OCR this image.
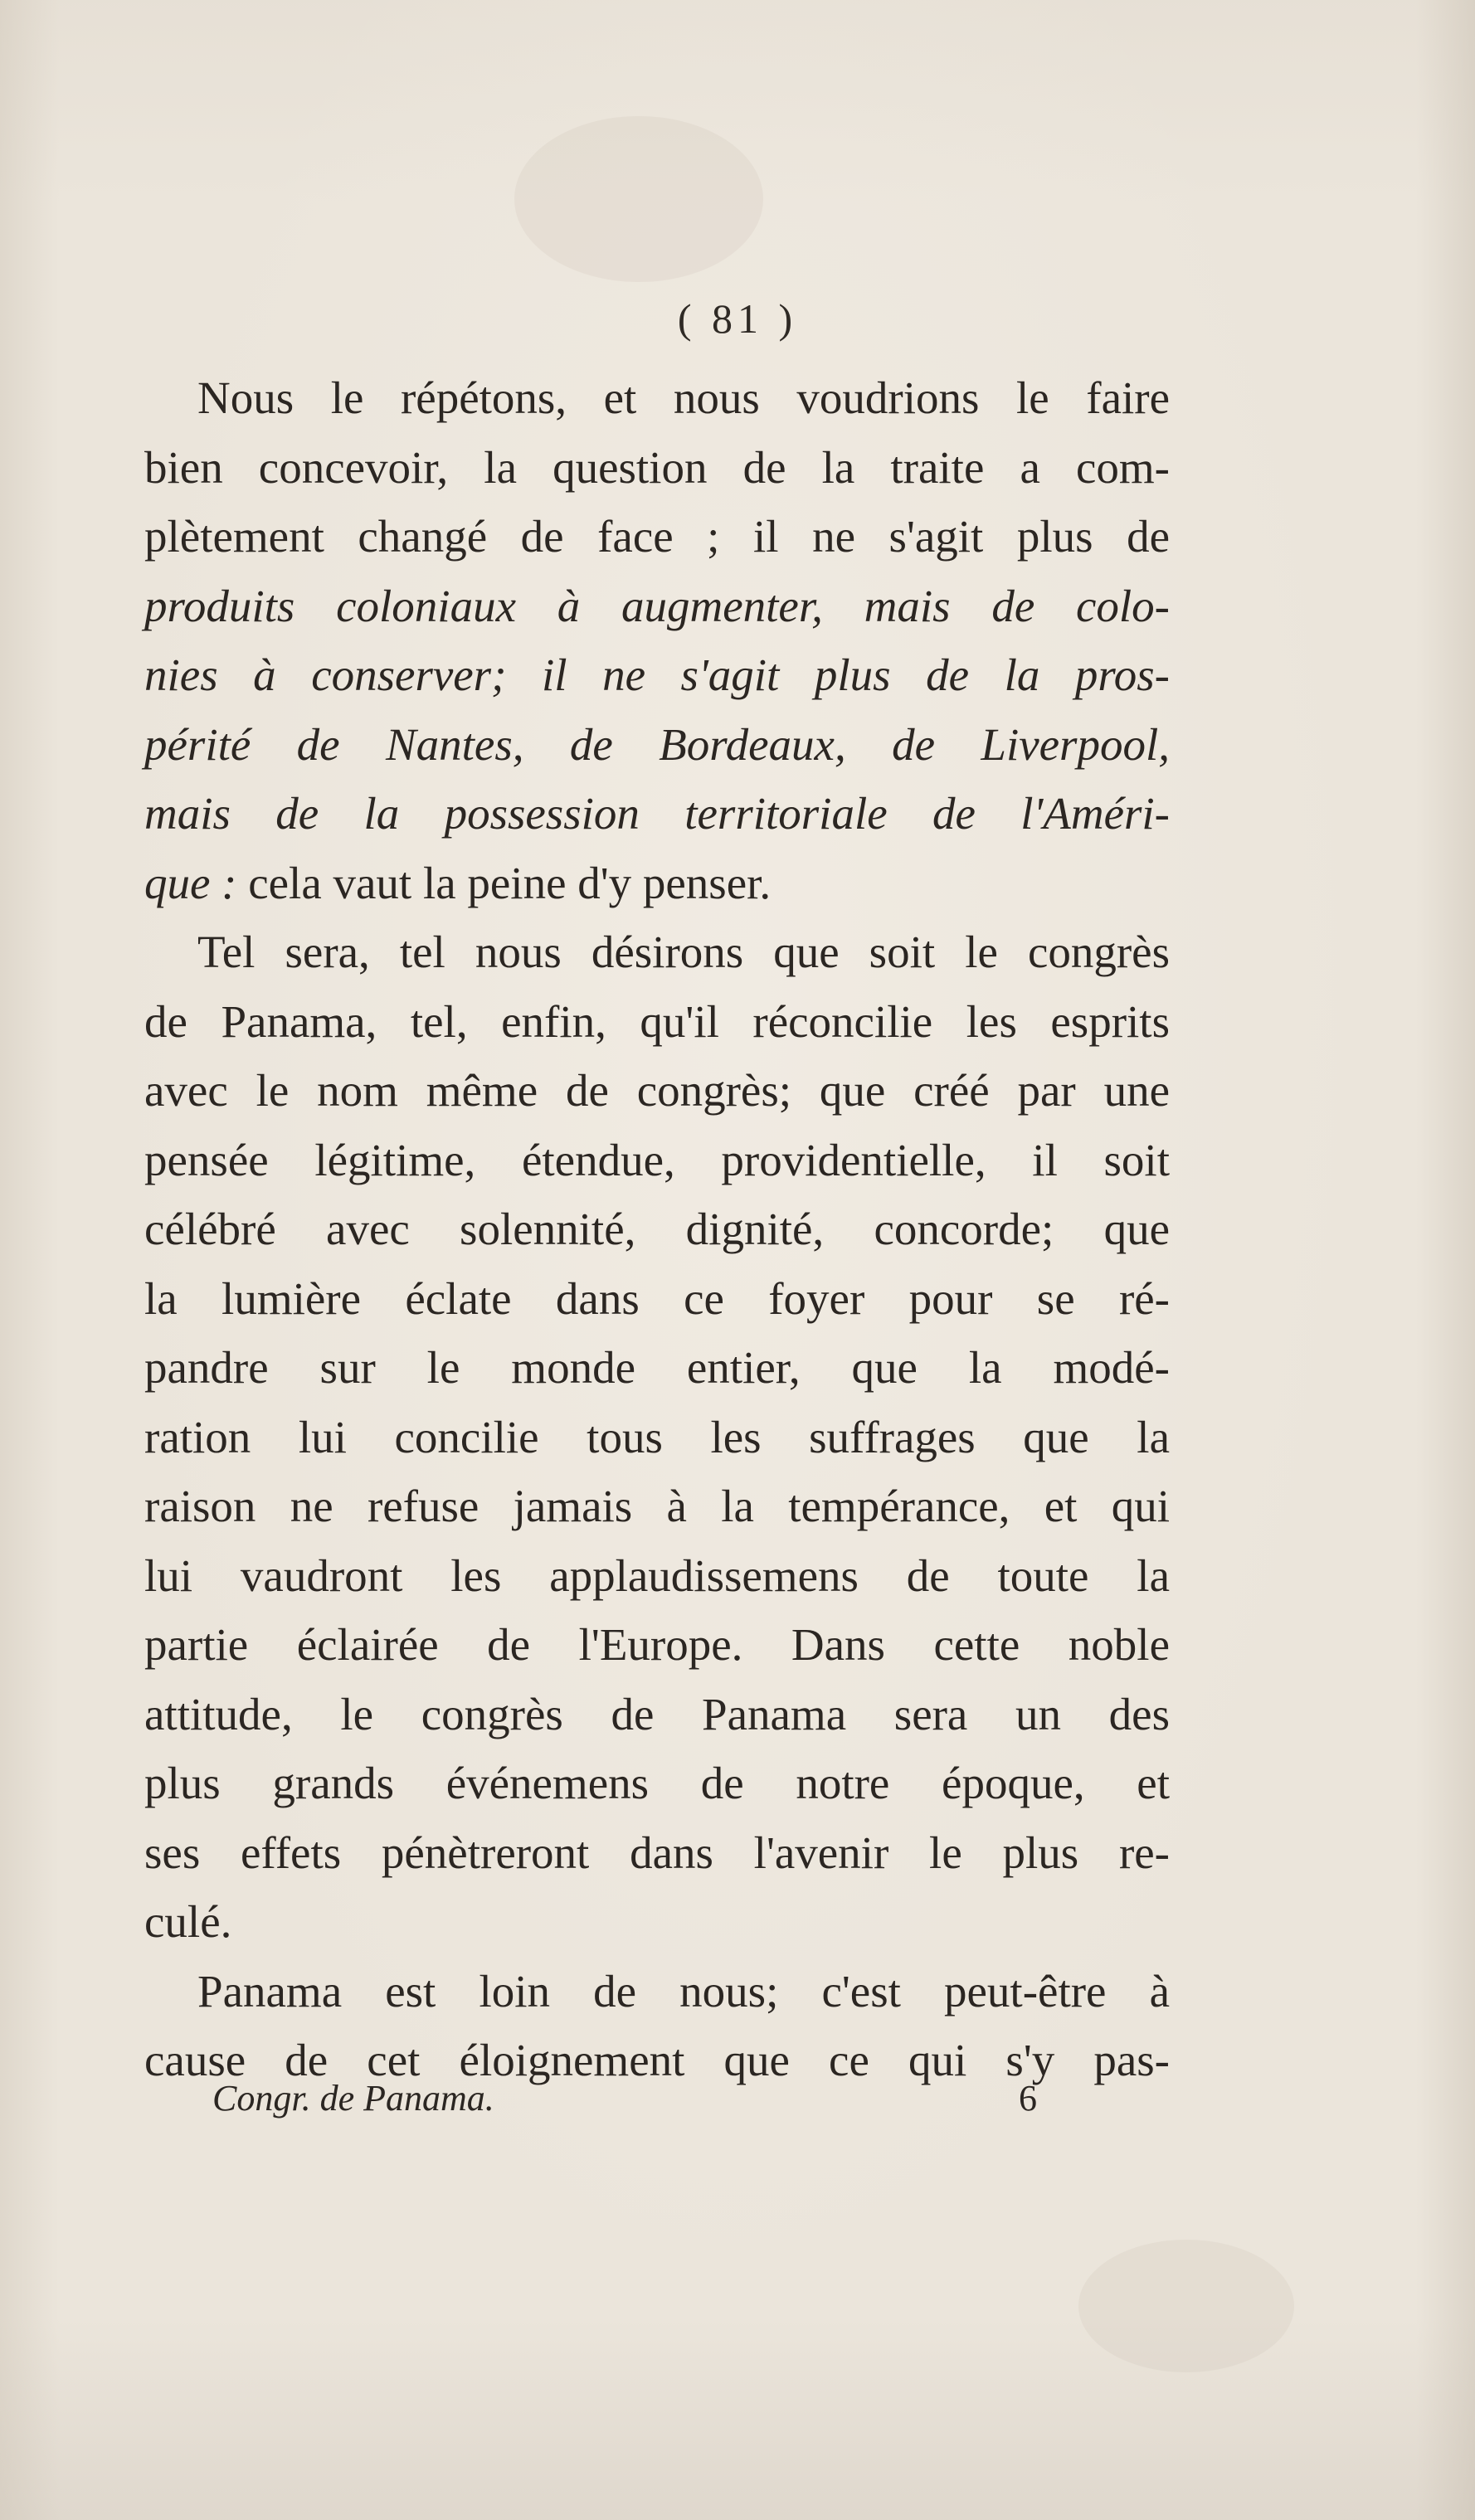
( 81 )
Nous le répétons, et nous voudrions le faire
bien concevoir, la question de la traite a com-
plètement changé de face ; il ne s'agit plus de
produits coloniaux à augmenter, mais de colo-
nies à conserver; il ne s'agit plus de la pros-
périté de Nantes, de Bordeaux, de Liverpool,
mais de la possession territoriale de l'Améri-
que : cela vaut la peine d'y penser.
Tel sera, tel nous désirons que soit le congrès
de Panama, tel, enfin, qu'il réconcilie les esprits
avec le nom même de congrès; que créé par une
pensée légitime, étendue, providentielle, il soit
célébré avec solennité, dignité, concorde; que
la lumière éclate dans ce foyer pour se ré-
pandre sur le monde entier, que la modé-
ration lui concilie tous les suffrages que la
raison ne refuse jamais à la tempérance, et qui
lui vaudront les applaudissemens de toute la
partie éclairée de l'Europe. Dans cette noble
attitude, le congrès de Panama sera un des
plus grands événemens de notre époque, et
ses effets pénètreront dans l'avenir le plus re-
culé.
Panama est loin de nous; c'est peut-être à
cause de cet éloignement que ce qui s'y pas-
Congr. de Panama.	6
